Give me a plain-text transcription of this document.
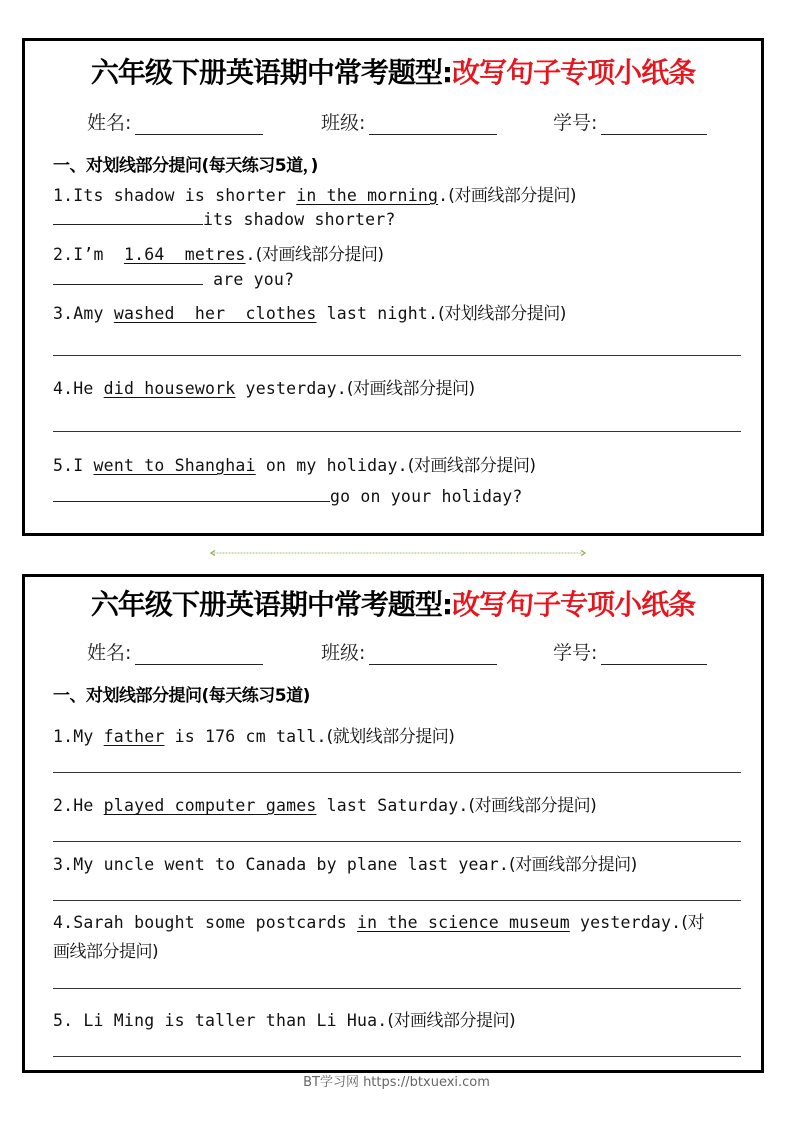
六年级下册英语期中常考题型:改写句子专项小纸条
姓名:	班级:	学号:
一、对划线部分提问(每天练习5道，)
1.Its shadow is shorter in the morning.(对画线部分提问)
its shadow shorter?
2.I’m  1.64  metres.(对画线部分提问)
are you?
3.Amy washed  her  clothes last night.(对划线部分提问)
4.He did housework yesterday.(对画线部分提问)
5.I went to Shanghai on my holiday.(对画线部分提问)
go on your holiday?
六年级下册英语期中常考题型:改写句子专项小纸条
姓名:	班级:	学号:
一、对划线部分提问(每天练习5道)
1.My father is 176 cm tall.(就划线部分提问)
2.He played computer games last Saturday.(对画线部分提问)
3.My uncle went to Canada by plane last year.(对画线部分提问)
4.Sarah bought some postcards in the science museum yesterday.(对
画线部分提问)
5. Li Ming is taller than Li Hua.(对画线部分提问)
BT学习网 https://btxuexi.com
